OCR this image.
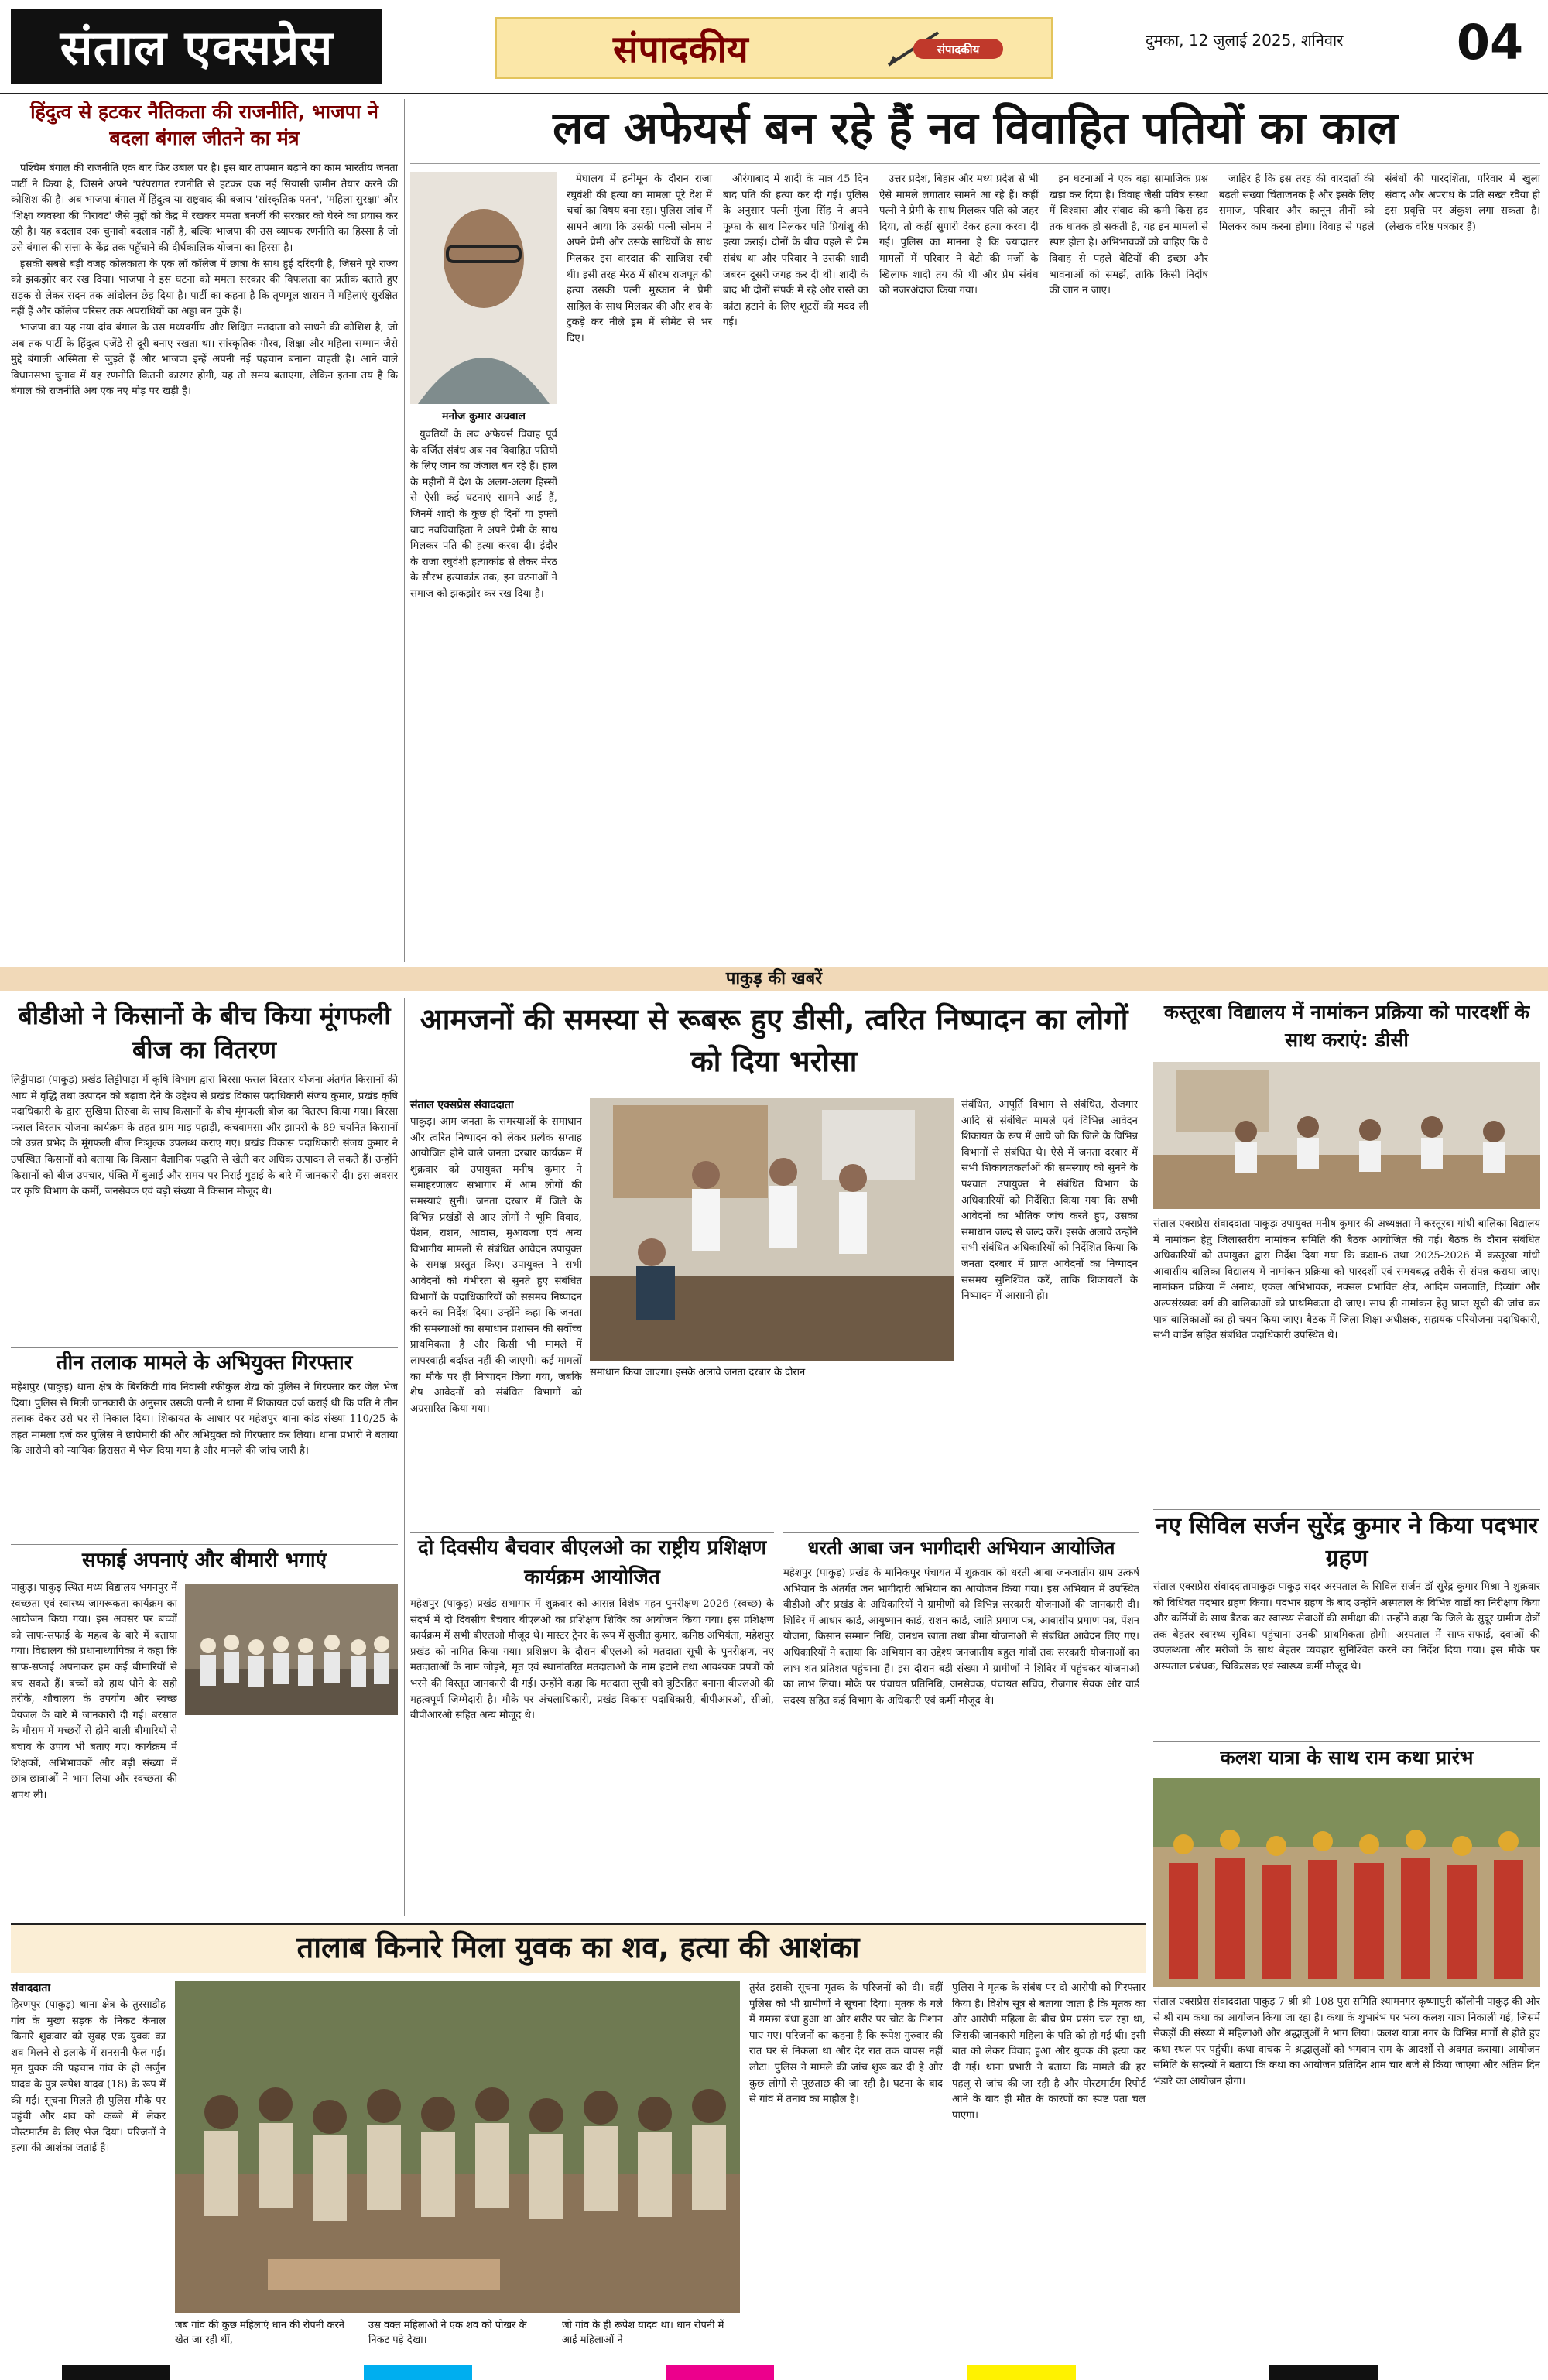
संताल एक्सप्रेस	संपादकीय	संपादकीय	दुमका, 12 जुलाई 2025, शनिवार	04
हिंदुत्व से हटकर नैतिकता की राजनीति, भाजपा ने बदला बंगाल जीतने का मंत्र

पश्चिम बंगाल की राजनीति एक बार फिर उबाल पर है। इस बार तापमान बढ़ाने का काम भारतीय जनता पार्टी ने किया है, जिसने अपने 'परंपरागत रणनीति से हटकर एक नई सियासी ज़मीन तैयार करने की कोशिश की है। अब भाजपा बंगाल में हिंदुत्व या राष्ट्रवाद की बजाय 'सांस्कृतिक पतन', 'महिला सुरक्षा' और 'शिक्षा व्यवस्था की गिरावट' जैसे मुद्दों को केंद्र में रखकर ममता बनर्जी की सरकार को घेरने का प्रयास कर रही है। यह बदलाव एक चुनावी बदलाव नहीं है, बल्कि भाजपा की उस व्यापक रणनीति का हिस्सा है जो उसे बंगाल की सत्ता के केंद्र तक पहुँचाने की दीर्घकालिक योजना का हिस्सा है।

इसकी सबसे बड़ी वजह कोलकाता के एक लॉ कॉलेज में छात्रा के साथ हुई दरिंदगी है, जिसने पूरे राज्य को झकझोर कर रख दिया। भाजपा ने इस घटना को ममता सरकार की विफलता का प्रतीक बताते हुए सड़क से लेकर सदन तक आंदोलन छेड़ दिया है। पार्टी का कहना है कि तृणमूल शासन में महिलाएं सुरक्षित नहीं हैं और कॉलेज परिसर तक अपराधियों का अड्डा बन चुके हैं।

भाजपा का यह नया दांव बंगाल के उस मध्यवर्गीय और शिक्षित मतदाता को साधने की कोशिश है, जो अब तक पार्टी के हिंदुत्व एजेंडे से दूरी बनाए रखता था। सांस्कृतिक गौरव, शिक्षा और महिला सम्मान जैसे मुद्दे बंगाली अस्मिता से जुड़ते हैं और भाजपा इन्हें अपनी नई पहचान बनाना चाहती है। आने वाले विधानसभा चुनाव में यह रणनीति कितनी कारगर होगी, यह तो समय बताएगा, लेकिन इतना तय है कि बंगाल की राजनीति अब एक नए मोड़ पर खड़ी है।

लव अफेयर्स बन रहे हैं नव विवाहित पतियों का काल
मनोज कुमार अग्रवाल

युवतियों के लव अफेयर्स विवाह पूर्व के वर्जित संबंध अब नव विवाहित पतियों के लिए जान का जंजाल बन रहे हैं। हाल के महीनों में देश के अलग-अलग हिस्सों से ऐसी कई घटनाएं सामने आई हैं, जिनमें शादी के कुछ ही दिनों या हफ्तों बाद नवविवाहिता ने अपने प्रेमी के साथ मिलकर पति की हत्या करवा दी। इंदौर के राजा रघुवंशी हत्याकांड से लेकर मेरठ के सौरभ हत्याकांड तक, इन घटनाओं ने समाज को झकझोर कर रख दिया है।

मेघालय में हनीमून के दौरान राजा रघुवंशी की हत्या का मामला पूरे देश में चर्चा का विषय बना रहा। पुलिस जांच में सामने आया कि उसकी पत्नी सोनम ने अपने प्रेमी और उसके साथियों के साथ मिलकर इस वारदात की साजिश रची थी। इसी तरह मेरठ में सौरभ राजपूत की हत्या उसकी पत्नी मुस्कान ने प्रेमी साहिल के साथ मिलकर की और शव के टुकड़े कर नीले ड्रम में सीमेंट से भर दिए।

औरंगाबाद में शादी के मात्र 45 दिन बाद पति की हत्या कर दी गई। पुलिस के अनुसार पत्नी गुंजा सिंह ने अपने फूफा के साथ मिलकर पति प्रियांशु की हत्या कराई। दोनों के बीच पहले से प्रेम संबंध था और परिवार ने उसकी शादी जबरन दूसरी जगह कर दी थी। शादी के बाद भी दोनों संपर्क में रहे और रास्ते का कांटा हटाने के लिए शूटरों की मदद ली गई।

उत्तर प्रदेश, बिहार और मध्य प्रदेश से भी ऐसे मामले लगातार सामने आ रहे हैं। कहीं पत्नी ने प्रेमी के साथ मिलकर पति को जहर दिया, तो कहीं सुपारी देकर हत्या करवा दी गई। पुलिस का मानना है कि ज्यादातर मामलों में परिवार ने बेटी की मर्जी के खिलाफ शादी तय की थी और प्रेम संबंध को नजरअंदाज किया गया।

इन घटनाओं ने एक बड़ा सामाजिक प्रश्न खड़ा कर दिया है। विवाह जैसी पवित्र संस्था में विश्वास और संवाद की कमी किस हद तक घातक हो सकती है, यह इन मामलों से स्पष्ट होता है। अभिभावकों को चाहिए कि वे विवाह से पहले बेटियों की इच्छा और भावनाओं को समझें, ताकि किसी निर्दोष की जान न जाए।

जाहिर है कि इस तरह की वारदातों की बढ़ती संख्या चिंताजनक है और इसके लिए समाज, परिवार और कानून तीनों को मिलकर काम करना होगा। विवाह से पहले संबंधों की पारदर्शिता, परिवार में खुला संवाद और अपराध के प्रति सख्त रवैया ही इस प्रवृत्ति पर अंकुश लगा सकता है। (लेखक वरिष्ठ पत्रकार हैं)

पाकुड़ की खबरें
बीडीओ ने किसानों के बीच किया मूंगफली बीज का वितरण
लिट्टीपाड़ा (पाकुड़) प्रखंड लिट्टीपाड़ा में कृषि विभाग द्वारा बिरसा फसल विस्तार योजना अंतर्गत किसानों की आय में वृद्धि तथा उत्पादन को बढ़ावा देने के उद्देश्य से प्रखंड विकास पदाधिकारी संजय कुमार, प्रखंड कृषि पदाधिकारी के द्वारा सुखिया तिरुवा के साथ किसानों के बीच मूंगफली बीज का वितरण किया गया। बिरसा फसल विस्तार योजना कार्यक्रम के तहत ग्राम माड़ पहाड़ी, कचवामसा और झापरी के 89 चयनित किसानों को उन्नत प्रभेद के मूंगफली बीज निःशुल्क उपलब्ध कराए गए। प्रखंड विकास पदाधिकारी संजय कुमार ने उपस्थित किसानों को बताया कि किसान वैज्ञानिक पद्धति से खेती कर अधिक उत्पादन ले सकते हैं। उन्होंने किसानों को बीज उपचार, पंक्ति में बुआई और समय पर निराई-गुड़ाई के बारे में जानकारी दी। इस अवसर पर कृषि विभाग के कर्मी, जनसेवक एवं बड़ी संख्या में किसान मौजूद थे।
तीन तलाक मामले के अभियुक्त गिरफ्तार
महेशपुर (पाकुड़) थाना क्षेत्र के बिरकिटी गांव निवासी रफीकुल शेख को पुलिस ने गिरफ्तार कर जेल भेज दिया। पुलिस से मिली जानकारी के अनुसार उसकी पत्नी ने थाना में शिकायत दर्ज कराई थी कि पति ने तीन तलाक देकर उसे घर से निकाल दिया। शिकायत के आधार पर महेशपुर थाना कांड संख्या 110/25 के तहत मामला दर्ज कर पुलिस ने छापेमारी की और अभियुक्त को गिरफ्तार कर लिया। थाना प्रभारी ने बताया कि आरोपी को न्यायिक हिरासत में भेज दिया गया है और मामले की जांच जारी है।
सफाई अपनाएं और बीमारी भगाएं
पाकुड़। पाकुड़ स्थित मध्य विद्यालय भगनपुर में स्वच्छता एवं स्वास्थ्य जागरूकता कार्यक्रम का आयोजन किया गया। इस अवसर पर बच्चों को साफ-सफाई के महत्व के बारे में बताया गया। विद्यालय की प्रधानाध्यापिका ने कहा कि साफ-सफाई अपनाकर हम कई बीमारियों से बच सकते हैं। बच्चों को हाथ धोने के सही तरीके, शौचालय के उपयोग और स्वच्छ पेयजल के बारे में जानकारी दी गई। बरसात के मौसम में मच्छरों से होने वाली बीमारियों से बचाव के उपाय भी बताए गए। कार्यक्रम में शिक्षकों, अभिभावकों और बड़ी संख्या में छात्र-छात्राओं ने भाग लिया और स्वच्छता की शपथ ली।
आमजनों की समस्या से रूबरू हुए डीसी, त्वरित निष्पादन का लोगों को दिया भरोसा
संताल एक्सप्रेस संवाददाता
पाकुड़। आम जनता के समस्याओं के समाधान और त्वरित निष्पादन को लेकर प्रत्येक सप्ताह आयोजित होने वाले जनता दरबार कार्यक्रम में शुक्रवार को उपायुक्त मनीष कुमार ने समाहरणालय सभागार में आम लोगों की समस्याएं सुनीं। जनता दरबार में जिले के विभिन्न प्रखंडों से आए लोगों ने भूमि विवाद, पेंशन, राशन, आवास, मुआवजा एवं अन्य विभागीय मामलों से संबंधित आवेदन उपायुक्त के समक्ष प्रस्तुत किए। उपायुक्त ने सभी आवेदनों को गंभीरता से सुनते हुए संबंधित विभागों के पदाधिकारियों को ससमय निष्पादन करने का निर्देश दिया। उन्होंने कहा कि जनता की समस्याओं का समाधान प्रशासन की सर्वोच्च प्राथमिकता है और किसी भी मामले में लापरवाही बर्दाश्त नहीं की जाएगी। कई मामलों का मौके पर ही निष्पादन किया गया, जबकि शेष आवेदनों को संबंधित विभागों को अग्रसारित किया गया।
समाधान किया जाएगा। इसके अलावे जनता दरबार के दौरान
संबंधित, आपूर्ति विभाग से संबंधित, रोजगार आदि से संबंधित मामले एवं विभिन्न आवेदन शिकायत के रूप में आये जो कि जिले के विभिन्न विभागों से संबंधित थे। ऐसे में जनता दरबार में सभी शिकायतकर्ताओं की समस्याएं को सुनने के पश्चात उपायुक्त ने संबंधित विभाग के अधिकारियों को निर्देशित किया गया कि सभी आवेदनों का भौतिक जांच करते हुए, उसका समाधान जल्द से जल्द करें। इसके अलावे उन्होंने सभी संबंधित अधिकारियों को निर्देशित किया कि जनता दरबार में प्राप्त आवेदनों का निष्पादन ससमय सुनिश्चित करें, ताकि शिकायतों के निष्पादन में आसानी हो।
दो दिवसीय बैचवार बीएलओ का राष्ट्रीय प्रशिक्षण कार्यक्रम आयोजित
महेशपुर (पाकुड़) प्रखंड सभागार में शुक्रवार को आसन्न विशेष गहन पुनरीक्षण 2026 (स्वच्छ) के संदर्भ में दो दिवसीय बैचवार बीएलओ का प्रशिक्षण शिविर का आयोजन किया गया। इस प्रशिक्षण कार्यक्रम में सभी बीएलओ मौजूद थे। मास्टर ट्रेनर के रूप में सुजीत कुमार, कनिष्ठ अभियंता, महेशपुर प्रखंड को नामित किया गया। प्रशिक्षण के दौरान बीएलओ को मतदाता सूची के पुनरीक्षण, नए मतदाताओं के नाम जोड़ने, मृत एवं स्थानांतरित मतदाताओं के नाम हटाने तथा आवश्यक प्रपत्रों को भरने की विस्तृत जानकारी दी गई। उन्होंने कहा कि मतदाता सूची को त्रुटिरहित बनाना बीएलओ की महत्वपूर्ण जिम्मेदारी है। मौके पर अंचलाधिकारी, प्रखंड विकास पदाधिकारी, बीपीआरओ, सीओ, बीपीआरओ सहित अन्य मौजूद थे।
धरती आबा जन भागीदारी अभियान आयोजित
महेशपुर (पाकुड़) प्रखंड के मानिकपुर पंचायत में शुक्रवार को धरती आबा जनजातीय ग्राम उत्कर्ष अभियान के अंतर्गत जन भागीदारी अभियान का आयोजन किया गया। इस अभियान में उपस्थित बीडीओ और प्रखंड के अधिकारियों ने ग्रामीणों को विभिन्न सरकारी योजनाओं की जानकारी दी। शिविर में आधार कार्ड, आयुष्मान कार्ड, राशन कार्ड, जाति प्रमाण पत्र, आवासीय प्रमाण पत्र, पेंशन योजना, किसान सम्मान निधि, जनधन खाता तथा बीमा योजनाओं से संबंधित आवेदन लिए गए। अधिकारियों ने बताया कि अभियान का उद्देश्य जनजातीय बहुल गांवों तक सरकारी योजनाओं का लाभ शत-प्रतिशत पहुंचाना है। इस दौरान बड़ी संख्या में ग्रामीणों ने शिविर में पहुंचकर योजनाओं का लाभ लिया। मौके पर पंचायत प्रतिनिधि, जनसेवक, पंचायत सचिव, रोजगार सेवक और वार्ड सदस्य सहित कई विभाग के अधिकारी एवं कर्मी मौजूद थे।
कस्तूरबा विद्यालय में नामांकन प्रक्रिया को पारदर्शी के साथ कराएं: डीसी
संताल एक्सप्रेस संवाददाता पाकुड़ः उपायुक्त मनीष कुमार की अध्यक्षता में कस्तूरबा गांधी बालिका विद्यालय में नामांकन हेतु जिलास्तरीय नामांकन समिति की बैठक आयोजित की गई। बैठक के दौरान संबंधित अधिकारियों को उपायुक्त द्वारा निर्देश दिया गया कि कक्षा-6 तथा 2025-2026 में कस्तूरबा गांधी आवासीय बालिका विद्यालय में नामांकन प्रक्रिया को पारदर्शी एवं समयबद्ध तरीके से संपन्न कराया जाए। नामांकन प्रक्रिया में अनाथ, एकल अभिभावक, नक्सल प्रभावित क्षेत्र, आदिम जनजाति, दिव्यांग और अल्पसंख्यक वर्ग की बालिकाओं को प्राथमिकता दी जाए। साथ ही नामांकन हेतु प्राप्त सूची की जांच कर पात्र बालिकाओं का ही चयन किया जाए। बैठक में जिला शिक्षा अधीक्षक, सहायक परियोजना पदाधिकारी, सभी वार्डेन सहित संबंधित पदाधिकारी उपस्थित थे।
नए सिविल सर्जन सुरेंद्र कुमार ने किया पदभार ग्रहण
संताल एक्सप्रेस संवाददातापाकुड़ः पाकुड़ सदर अस्पताल के सिविल सर्जन डॉ सुरेंद्र कुमार मिश्रा ने शुक्रवार को विधिवत पदभार ग्रहण किया। पदभार ग्रहण के बाद उन्होंने अस्पताल के विभिन्न वार्डों का निरीक्षण किया और कर्मियों के साथ बैठक कर स्वास्थ्य सेवाओं की समीक्षा की। उन्होंने कहा कि जिले के सुदूर ग्रामीण क्षेत्रों तक बेहतर स्वास्थ्य सुविधा पहुंचाना उनकी प्राथमिकता होगी। अस्पताल में साफ-सफाई, दवाओं की उपलब्धता और मरीजों के साथ बेहतर व्यवहार सुनिश्चित करने का निर्देश दिया गया। इस मौके पर अस्पताल प्रबंधक, चिकित्सक एवं स्वास्थ्य कर्मी मौजूद थे।
कलश यात्रा के साथ राम कथा प्रारंभ
संताल एक्सप्रेस संवाददाता पाकुड़ 7 श्री श्री 108 पुरा समिति श्यामनगर कृष्णापुरी कॉलोनी पाकुड़ की ओर से श्री राम कथा का आयोजन किया जा रहा है। कथा के शुभारंभ पर भव्य कलश यात्रा निकाली गई, जिसमें सैकड़ों की संख्या में महिलाओं और श्रद्धालुओं ने भाग लिया। कलश यात्रा नगर के विभिन्न मार्गों से होते हुए कथा स्थल पर पहुंची। कथा वाचक ने श्रद्धालुओं को भगवान राम के आदर्शों से अवगत कराया। आयोजन समिति के सदस्यों ने बताया कि कथा का आयोजन प्रतिदिन शाम चार बजे से किया जाएगा और अंतिम दिन भंडारे का आयोजन होगा।
तालाब किनारे मिला युवक का शव, हत्या की आशंका
संवाददाता
हिरणपुर (पाकुड़) थाना क्षेत्र के तुरसाडीह गांव के मुख्य सड़क के निकट केनाल किनारे शुक्रवार को सुबह एक युवक का शव मिलने से इलाके में सनसनी फैल गई। मृत युवक की पहचान गांव के ही अर्जुन यादव के पुत्र रूपेश यादव (18) के रूप में की गई। सूचना मिलते ही पुलिस मौके पर पहुंची और शव को कब्जे में लेकर पोस्टमार्टम के लिए भेज दिया। परिजनों ने हत्या की आशंका जताई है।
जब गांव की कुछ महिलाएं धान की रोपनी करने खेत जा रही थीं,
उस वक्त महिलाओं ने एक शव को पोखर के निकट पड़े देखा।
जो गांव के ही रूपेश यादव था। धान रोपनी में आई महिलाओं ने
तुरंत इसकी सूचना मृतक के परिजनों को दी। वहीं पुलिस को भी ग्रामीणों ने सूचना दिया। मृतक के गले में गमछा बंधा हुआ था और शरीर पर चोट के निशान पाए गए। परिजनों का कहना है कि रूपेश गुरुवार की रात घर से निकला था और देर रात तक वापस नहीं लौटा। पुलिस ने मामले की जांच शुरू कर दी है और कुछ लोगों से पूछताछ की जा रही है। घटना के बाद से गांव में तनाव का माहौल है।
पुलिस ने मृतक के संबंध पर दो आरोपी को गिरफ्तार किया है। विशेष सूत्र से बताया जाता है कि मृतक का और आरोपी महिला के बीच प्रेम प्रसंग चल रहा था, जिसकी जानकारी महिला के पति को हो गई थी। इसी बात को लेकर विवाद हुआ और युवक की हत्या कर दी गई। थाना प्रभारी ने बताया कि मामले की हर पहलू से जांच की जा रही है और पोस्टमार्टम रिपोर्ट आने के बाद ही मौत के कारणों का स्पष्ट पता चल पाएगा।
